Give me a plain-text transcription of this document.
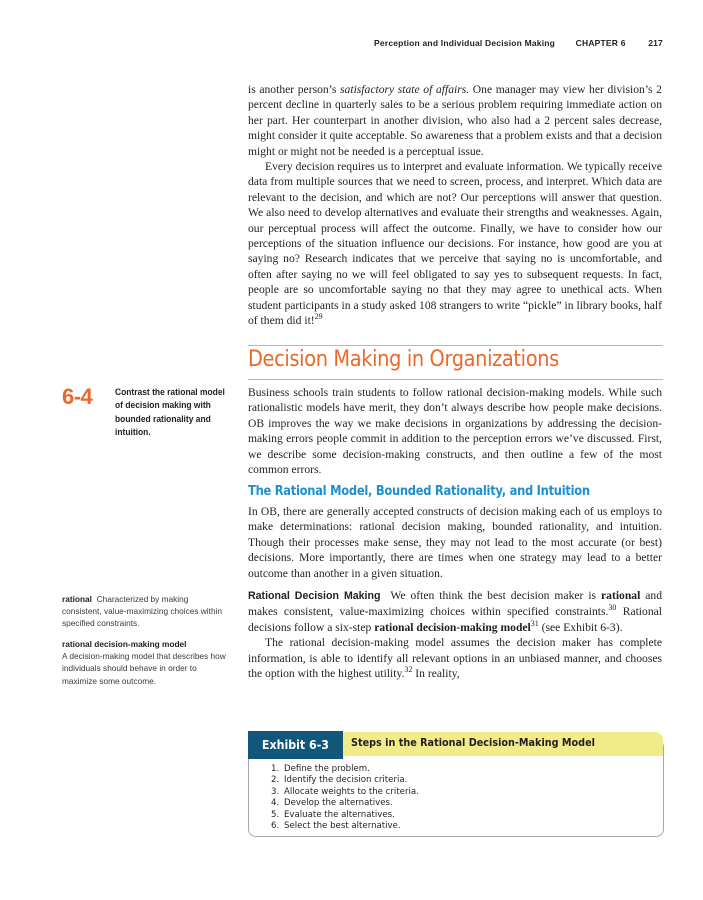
Perception and Individual Decision Making CHAPTER 6	217

is another person’s satisfactory state of affairs. One manager may view her division’s 2 percent decline in quarterly sales to be a serious problem requiring immediate action on her part. Her counterpart in another division, who also had a 2 percent sales decrease, might consider it quite acceptable. So awareness that a problem exists and that a decision might or might not be needed is a perceptual issue.

Every decision requires us to interpret and evaluate information. We typically receive data from multiple sources that we need to screen, process, and interpret. Which data are relevant to the decision, and which are not? Our perceptions will answer that question. We also need to develop alternatives and evaluate their strengths and weaknesses. Again, our perceptual process will affect the outcome. Finally, we have to consider how our perceptions of the situation influence our decisions. For instance, how good are you at saying no? Research indicates that we perceive that saying no is uncomfortable, and often after saying no we will feel obligated to say yes to subsequent requests. In fact, people are so uncomfortable saying no that they may agree to unethical acts. When student participants in a study asked 108 strangers to write “pickle” in library books, half of them did it!$^{29}$

Decision Making in Organizations
6-4 Contrast the rational model of decision making with bounded rationality and intuition.

Business schools train students to follow rational decision-making models. While such rationalistic models have merit, they don’t always describe how people make decisions. OB improves the way we make decisions in organizations by addressing the decision-making errors people commit in addition to the perception errors we’ve discussed. First, we describe some decision-making constructs, and then outline a few of the most common errors.

The Rational Model, Bounded Rationality, and Intuition

In OB, there are generally accepted constructs of decision making each of us employs to make determinations: rational decision making, bounded rationality, and intuition. Though their processes make sense, they may not lead to the most accurate (or best) decisions. More importantly, there are times when one strategy may lead to a better outcome than another in a given situation.

Rational Decision Making We often think the best decision maker is rational and makes consistent, value-maximizing choices within specified constraints.$^{30}$ Rational decisions follow a six-step rational decision-making model$^{31}$ (see Exhibit 6-3).

The rational decision-making model assumes the decision maker has complete information, is able to identify all relevant options in an unbiased manner, and chooses the option with the highest utility.$^{32}$ In reality,

rational Characterized by making consistent, value-maximizing choices within specified constraints.
rational decision-making model
A decision-making model that describes how individuals should behave in order to maximize some outcome.
Exhibit 6-3	Steps in the Rational Decision-Making Model
1. Define the problem.
2. Identify the decision criteria.
3. Allocate weights to the criteria.
4. Develop the alternatives.
5. Evaluate the alternatives.
6. Select the best alternative.
